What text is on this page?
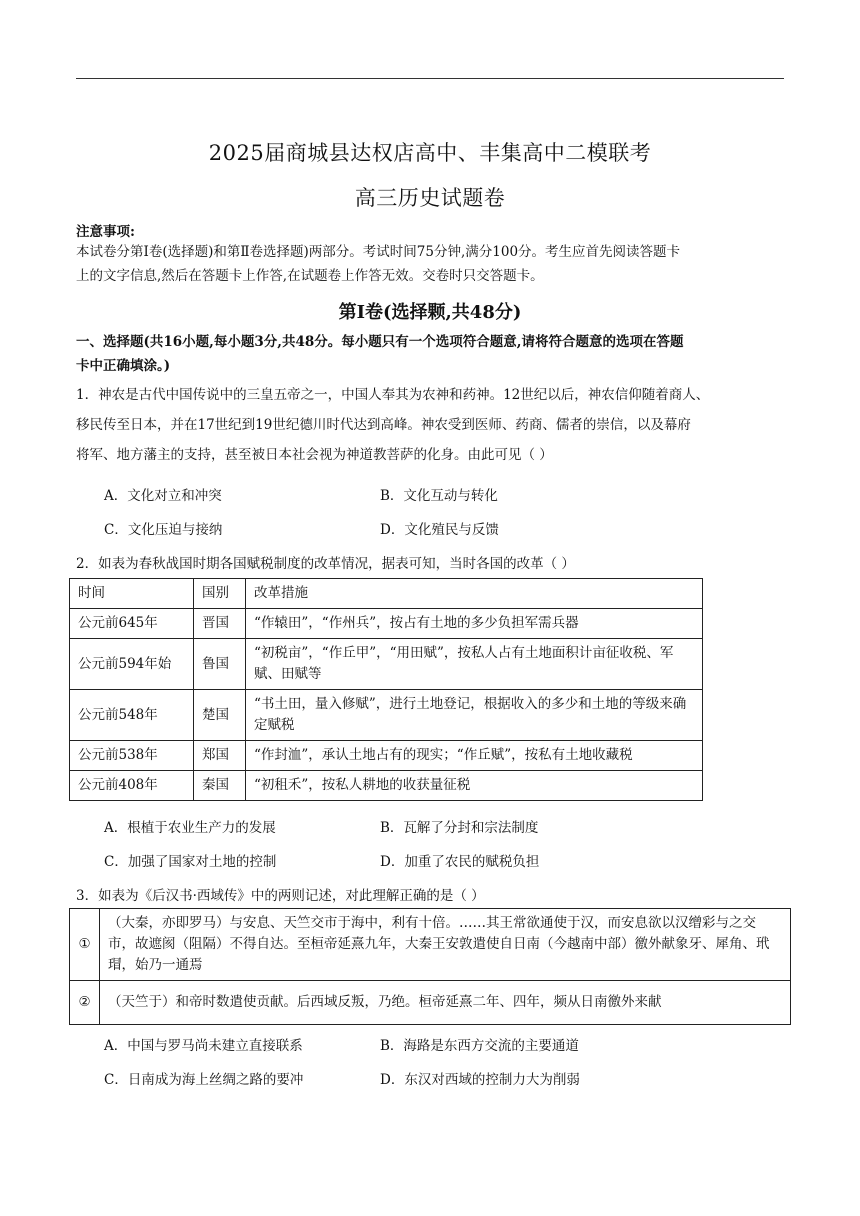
2025届商城县达权店高中、丰集高中二模联考
高三历史试题卷
注意事项:
本试卷分第Ⅰ卷(选择题)和第Ⅱ卷选择题)两部分。考试时间75分钟,满分100分。考生应首先阅读答题卡
上的文字信息,然后在答题卡上作答,在试题卷上作答无效。交卷时只交答题卡。
第Ⅰ卷(选择颗,共48分)
一、选择题(共16小题,每小题3分,共48分。每小题只有一个选项符合题意,请将符合题意的选项在答题
卡中正确填涂。)
1．神农是古代中国传说中的三皇五帝之一，中国人奉其为农神和药神。12世纪以后，神农信仰随着商人、
移民传至日本，并在17世纪到19世纪德川时代达到高峰。神农受到医师、药商、儒者的崇信，以及幕府
将军、地方藩主的支持，甚至被日本社会视为神道教菩萨的化身。由此可见（ ）
A．文化对立和冲突	B．文化互动与转化
C．文化压迫与接纳	D．文化殖民与反馈
2．如表为春秋战国时期各国赋税制度的改革情况，据表可知，当时各国的改革（ ）
时间	国别	改革措施
公元前645年	晋国	“作辕田”，“作州兵”，按占有土地的多少负担军需兵器
公元前594年始	鲁国	“初税亩”，“作丘甲”，“用田赋”，按私人占有土地面积计亩征收税、军赋、田赋等
公元前548年	楚国	“书土田，量入修赋”，进行土地登记，根据收入的多少和土地的等级来确定赋税
公元前538年	郑国	“作封洫”，承认土地占有的现实；“作丘赋”，按私有土地收藏税
公元前408年	秦国	“初租禾”，按私人耕地的收获量征税
A．根植于农业生产力的发展	B．瓦解了分封和宗法制度
C．加强了国家对土地的控制	D．加重了农民的赋税负担
3．如表为《后汉书·西域传》中的两则记述，对此理解正确的是（ ）
①	（大秦，亦即罗马）与安息、天竺交市于海中，利有十倍。……其王常欲通使于汉，而安息欲以汉缯彩与之交市，故遮阂（阻隔）不得自达。至桓帝延熹九年，大秦王安敦遣使自日南（今越南中部）徼外献象牙、犀角、玳瑁，始乃一通焉
②	（天竺于）和帝时数遣使贡献。后西域反叛，乃绝。桓帝延熹二年、四年，频从日南徼外来献
A．中国与罗马尚未建立直接联系	B．海路是东西方交流的主要通道
C．日南成为海上丝绸之路的要冲	D．东汉对西域的控制力大为削弱
